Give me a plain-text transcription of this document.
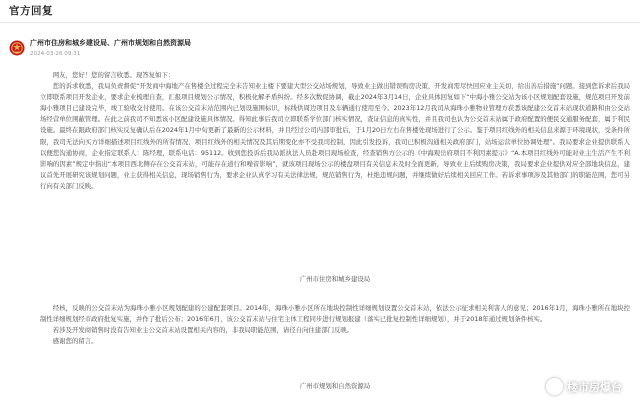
官方回复
广州市住房和城乡建设局、广州市规划和自然资源局
2024-03-26 09:31

网友，您好！您的留言收悉。现答复如下：

您的诉求收悉，我局负责督促“开发商中海地产在售楼全过程完全未告知业主楼下要建大型公交站场规划，导致业主做出错误购房决策，开发商需尽快回应业主关切，给出善后措施”问题。接到您诉求后我局立即联系项目开发企业，要求企业梳理自查，汇报项目规划公示情况，积极化解矛盾纠纷。经多次数促协调，截止2024年3月14日，企业具体回复如下“中海小雅公交站为该小区规划配套设施，规范项目开发前海小雅项目已建设完毕，竣工验收交付使用。在该公交首末站范围内已划设施围标识，标线供周边项目及车辆通行使用至今。2023年12月我司从海珠小雅物业管理方获悉该配建公交首末站现状道路和由公交站场经营单位围蔽管理。在此之前我司不知悉该小区配建设施具体情况。得知此事后我司立即联系学位部门核实情况，查证信息的真实性，并且我司也认为公交首末站属于政府配置的便民交通服务配套，属于利民设施。最终在跟政府部门核实反复确认后在2024年1月中旬更新了最新的公示材料，并且经过公司内部审批后，于1月20日左右在售楼处现场进行了公示。鉴于项目红线外的相关信息来源于环境现状，受条件所限，我司无法向买方详细描述项目红线外的所有情况，项目红线外的相关情况及其后期变化亦不受我司控制，因此引发投诉，我司已积极沟通相关政府部门，站场运营单位协调处理”。我局要求企业提供联系人以便您沟通协商，企业指定联系人：陈经理，联系电话：95112。收到您投诉后我局派执法人员赴项目现场检查，经查销售方公示的《中海观岳府项目不利因素提示》“A.本项目红线外可能对业主生活产生不利影响的因素”规定中指出“本项目西北侧存在公交首末站，可能存在道行和噪音影响”，就该项目现场公示的楼盘项目有关信息未及时全面更新，导致业主后续购房决策，我局要求企业提供对应全部地块信息，建议首先开展研究该规划问题，业主获得相关信息，现场销售行为，要求企业认真学习有关法律法规，规范销售行为，杜绝违规问题，并继续做好后续相关回应工作。若诉求事项涉及其他部门的职能范围，您可另行向有关部门反映。

广州市住房和城乡建设局

经核，反映的公交首末站为海珠小雅小区规划配建的公建配套项目。2014年，海珠小雅小区所在地块控制性详细规划设置公交首末站，依法公示征求相关利害人的意见；2016年1月，海珠小雅所在地块控制性详细规划经市政府批复实施，并作了批后公布；2016年6月，该公交首末站与住宅主体工程同步进行规划报建（落实已批复控制性详细规划），并于2018年通过规划条件核实。

若涉及开发商销售时没有告知业主公交首末站设置相关内容的，非我局职能范围，请径自向住建部门反映。

感谢您的留言。

广州市规划和自然资源局	楼市房爆台
